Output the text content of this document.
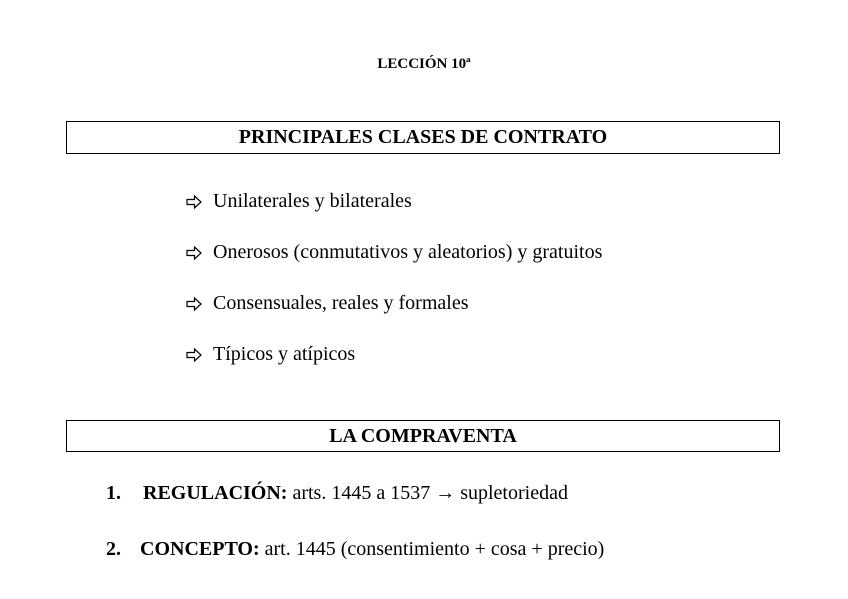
LECCIÓN 10ª
PRINCIPALES CLASES DE CONTRATO
Unilaterales y bilaterales
Onerosos (conmutativos y aleatorios) y gratuitos
Consensuales, reales y formales
Típicos y atípicos
LA COMPRAVENTA
1. REGULACIÓN: arts. 1445 a 1537 → supletoriedad
2. CONCEPTO: art. 1445 (consentimiento + cosa + precio)
